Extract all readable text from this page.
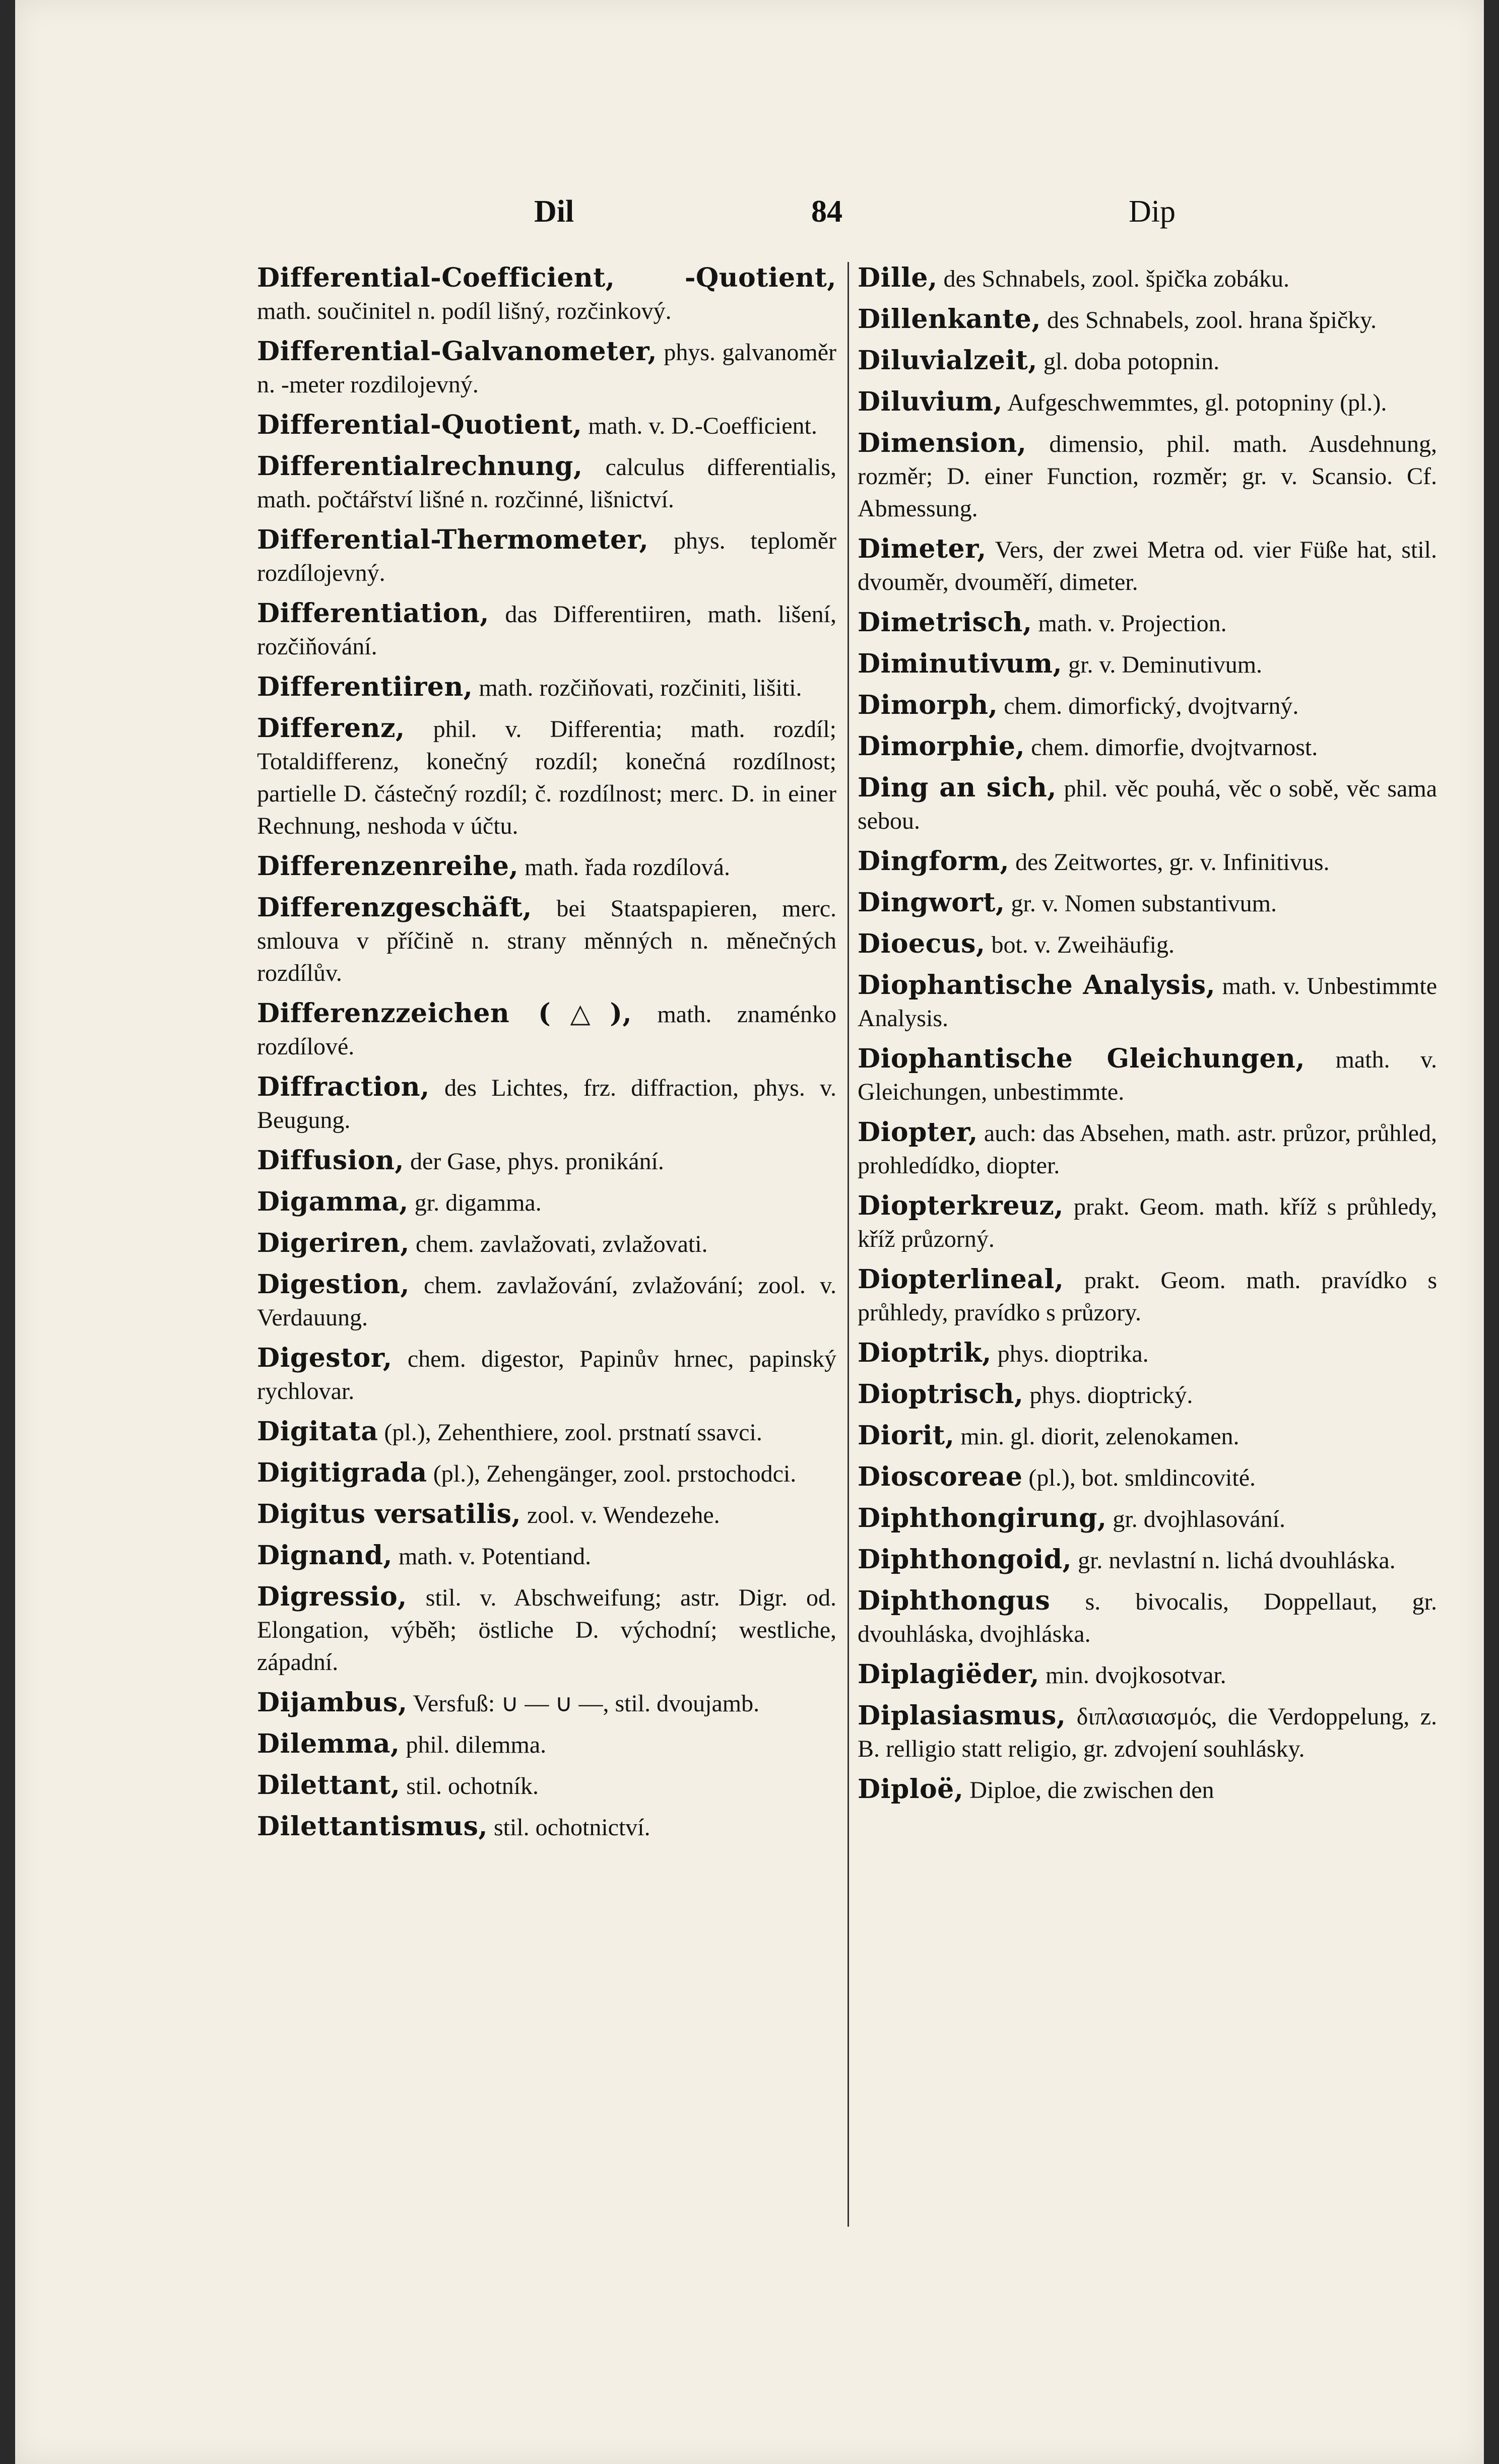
Dil	84	Dip
Differential-Coefficient, -Quotient, math. součinitel n. podíl lišný, rozčinkový.
Differential-Galvanometer, phys. galvanoměr n. -meter rozdilojevný.
Differential-Quotient, math. v. D.-Coefficient.
Differentialrechnung, calculus differentialis, math. počtářství lišné n. rozčinné, lišnictví.
Differential-Thermometer, phys. teploměr rozdílojevný.
Differentiation, das Differentiiren, math. lišení, rozčiňování.
Differentiiren, math. rozčiňovati, rozčiniti, lišiti.
Differenz, phil. v. Differentia; math. rozdíl; Totaldifferenz, konečný rozdíl; konečná rozdílnost; partielle D. částečný rozdíl; č. rozdílnost; merc. D. in einer Rechnung, neshoda v účtu.
Differenzenreihe, math. řada rozdílová.
Differenzgeschäft, bei Staatspapieren, merc. smlouva v příčině n. strany měnných n. měnečných rozdílův.
Differenzzeichen (△), math. znaménko rozdílové.
Diffraction, des Lichtes, frz. diffraction, phys. v. Beugung.
Diffusion, der Gase, phys. pronikání.
Digamma, gr. digamma.
Digeriren, chem. zavlažovati, zvlažovati.
Digestion, chem. zavlažování, zvlažování; zool. v. Verdauung.
Digestor, chem. digestor, Papinův hrnec, papinský rychlovar.
Digitata (pl.), Zehenthiere, zool. prstnatí ssavci.
Digitigrada (pl.), Zehengänger, zool. prstochodci.
Digitus versatilis, zool. v. Wendezehe.
Dignand, math. v. Potentiand.
Digressio, stil. v. Abschweifung; astr. Digr. od. Elongation, výběh; östliche D. východní; westliche, západní.
Dijambus, Versfuß: ∪ — ∪ —, stil. dvoujamb.
Dilemma, phil. dilemma.
Dilettant, stil. ochotník.
Dilettantismus, stil. ochotnictví.
Dille, des Schnabels, zool. špička zobáku.
Dillenkante, des Schnabels, zool. hrana špičky.
Diluvialzeit, gl. doba potopnin.
Diluvium, Aufgeschwemmtes, gl. potopniny (pl.).
Dimension, dimensio, phil. math. Ausdehnung, rozměr; D. einer Function, rozměr; gr. v. Scansio. Cf. Abmessung.
Dimeter, Vers, der zwei Metra od. vier Füße hat, stil. dvouměr, dvouměří, dimeter.
Dimetrisch, math. v. Projection.
Diminutivum, gr. v. Deminutivum.
Dimorph, chem. dimorfický, dvojtvarný.
Dimorphie, chem. dimorfie, dvojtvarnost.
Ding an sich, phil. věc pouhá, věc o sobě, věc sama sebou.
Dingform, des Zeitwortes, gr. v. Infinitivus.
Dingwort, gr. v. Nomen substantivum.
Dioecus, bot. v. Zweihäufig.
Diophantische Analysis, math. v. Unbestimmte Analysis.
Diophantische Gleichungen, math. v. Gleichungen, unbestimmte.
Diopter, auch: das Absehen, math. astr. průzor, průhled, prohledídko, diopter.
Diopterkreuz, prakt. Geom. math. kříž s průhledy, kříž průzorný.
Diopterlineal, prakt. Geom. math. pravídko s průhledy, pravídko s průzory.
Dioptrik, phys. dioptrika.
Dioptrisch, phys. dioptrický.
Diorit, min. gl. diorit, zelenokamen.
Dioscoreae (pl.), bot. smldincovité.
Diphthongirung, gr. dvojhlasování.
Diphthongoid, gr. nevlastní n. lichá dvouhláska.
Diphthongus s. bivocalis, Doppellaut, gr. dvouhláska, dvojhláska.
Diplagiëder, min. dvojkosotvar.
Diplasiasmus, διπλασιασμός, die Verdoppelung, z. B. relligio statt religio, gr. zdvojení souhlásky.
Diploë, Diploe, die zwischen den
